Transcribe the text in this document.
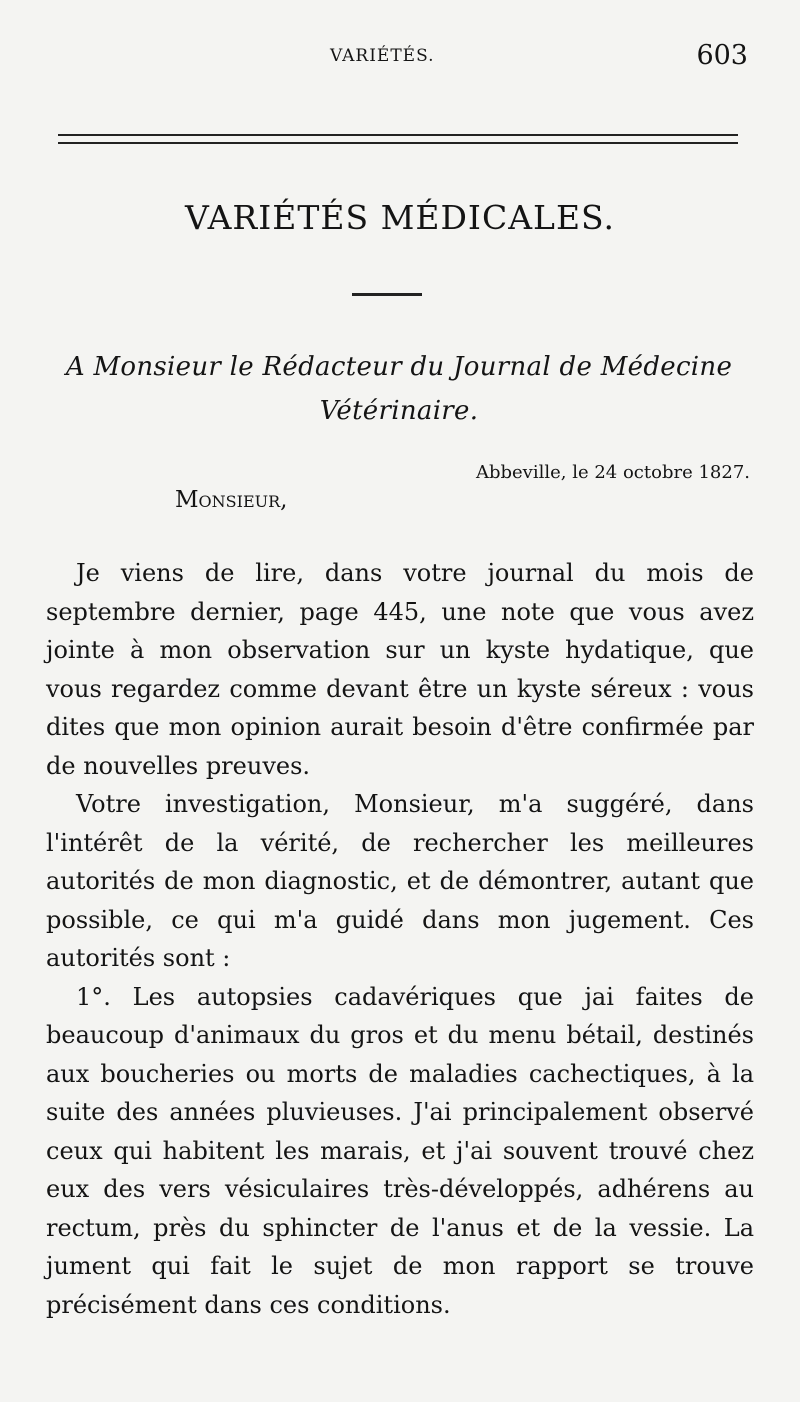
VARIÉTÉS.	603
VARIÉTÉS MÉDICALES.
A Monsieur le Rédacteur du Journal de Médecine
Vétérinaire.
Abbeville, le 24 octobre 1827.
Monsieur,

Je viens de lire, dans votre journal du mois de septembre dernier, page 445, une note que vous avez jointe à mon observation sur un kyste hydatique, que vous regardez comme devant être un kyste séreux : vous dites que mon opinion aurait besoin d'être confirmée par de nouvelles preuves.

Votre investigation, Monsieur, m'a suggéré, dans l'intérêt de la vérité, de rechercher les meilleures autorités de mon diagnostic, et de démontrer, autant que possible, ce qui m'a guidé dans mon jugement. Ces autorités sont :

1°. Les autopsies cadavériques que jai faites de beaucoup d'animaux du gros et du menu bétail, destinés aux boucheries ou morts de maladies cachectiques, à la suite des années pluvieuses. J'ai principalement observé ceux qui habitent les marais, et j'ai souvent trouvé chez eux des vers vésiculaires très-développés, adhérens au rectum, près du sphincter de l'anus et de la vessie. La jument qui fait le sujet de mon rapport se trouve précisément dans ces conditions.
